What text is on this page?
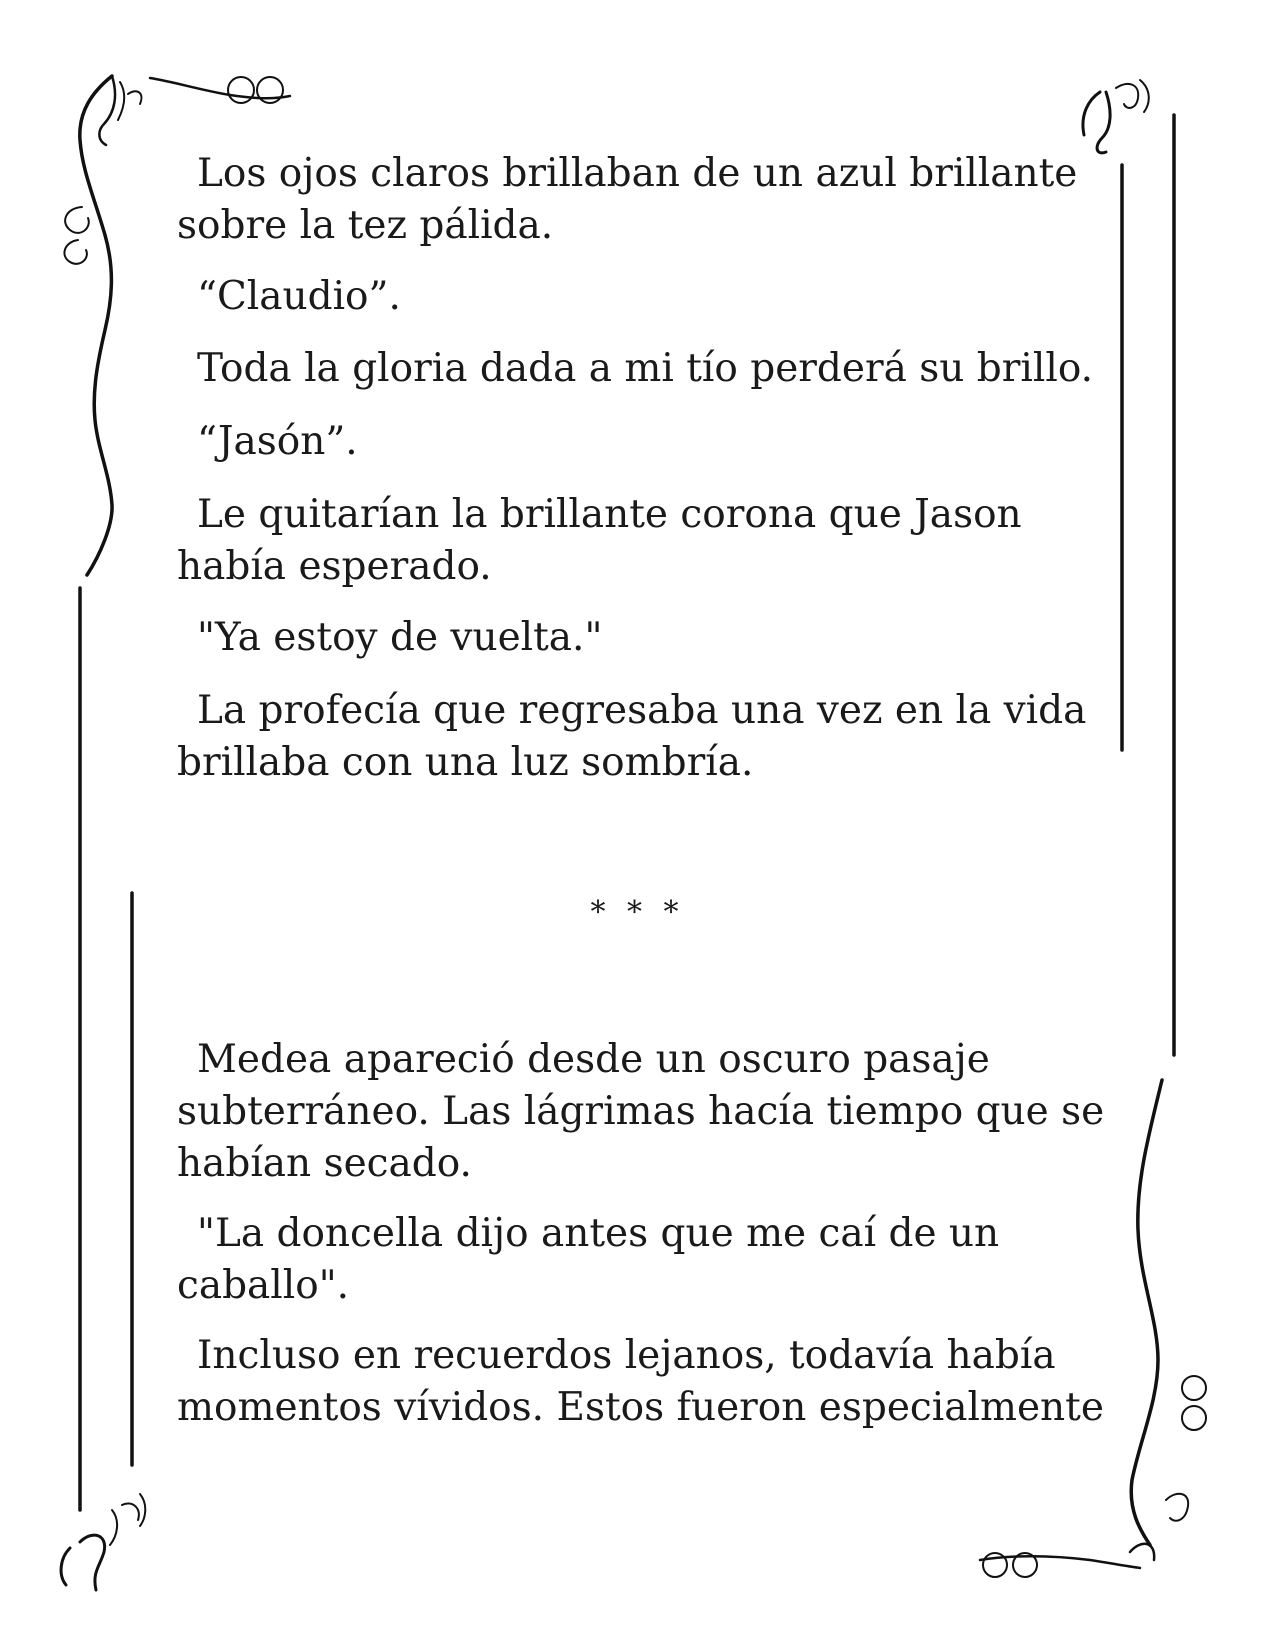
Los ojos claros brillaban de un azul brillante
sobre la tez pálida.

“Claudio”.

Toda la gloria dada a mi tío perderá su brillo.

“Jasón”.

Le quitarían la brillante corona que Jason
había esperado.

"Ya estoy de vuelta."

La profecía que regresaba una vez en la vida
brillaba con una luz sombría.

* * *

Medea apareció desde un oscuro pasaje
subterráneo. Las lágrimas hacía tiempo que se
habían secado.

"La doncella dijo antes que me caí de un
caballo".

Incluso en recuerdos lejanos, todavía había
momentos vívidos. Estos fueron especialmente
